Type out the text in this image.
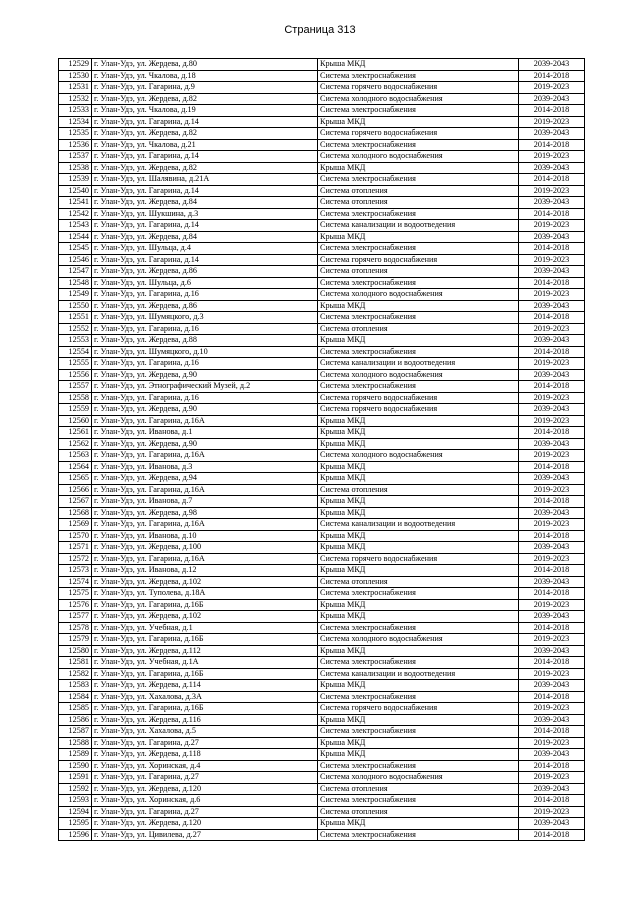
Страница 313
12529	г. Улан-Удэ, ул. Жердева, д.80	Крыша МКД	2039-2043
12530	г. Улан-Удэ, ул. Чкалова, д.18	Система электроснабжения	2014-2018
12531	г. Улан-Удэ, ул. Гагарина, д.9	Система горячего водоснабжения	2019-2023
12532	г. Улан-Удэ, ул. Жердева, д.82	Система холодного водоснабжения	2039-2043
12533	г. Улан-Удэ, ул. Чкалова, д.19	Система электроснабжения	2014-2018
12534	г. Улан-Удэ, ул. Гагарина, д.14	Крыша МКД	2019-2023
12535	г. Улан-Удэ, ул. Жердева, д.82	Система горячего водоснабжения	2039-2043
12536	г. Улан-Удэ, ул. Чкалова, д.21	Система электроснабжения	2014-2018
12537	г. Улан-Удэ, ул. Гагарина, д.14	Система холодного водоснабжения	2019-2023
12538	г. Улан-Удэ, ул. Жердева, д.82	Крыша МКД	2039-2043
12539	г. Улан-Удэ, ул. Шалявина, д.21А	Система электроснабжения	2014-2018
12540	г. Улан-Удэ, ул. Гагарина, д.14	Система отопления	2019-2023
12541	г. Улан-Удэ, ул. Жердева, д.84	Система отопления	2039-2043
12542	г. Улан-Удэ, ул. Шукшина, д.3	Система электроснабжения	2014-2018
12543	г. Улан-Удэ, ул. Гагарина, д.14	Система канализации и водоотведения	2019-2023
12544	г. Улан-Удэ, ул. Жердева, д.84	Крыша МКД	2039-2043
12545	г. Улан-Удэ, ул. Шульца, д.4	Система электроснабжения	2014-2018
12546	г. Улан-Удэ, ул. Гагарина, д.14	Система горячего водоснабжения	2019-2023
12547	г. Улан-Удэ, ул. Жердева, д.86	Система отопления	2039-2043
12548	г. Улан-Удэ, ул. Шульца, д.6	Система электроснабжения	2014-2018
12549	г. Улан-Удэ, ул. Гагарина, д.16	Система холодного водоснабжения	2019-2023
12550	г. Улан-Удэ, ул. Жердева, д.86	Крыша МКД	2039-2043
12551	г. Улан-Удэ, ул. Шумяцкого, д.3	Система электроснабжения	2014-2018
12552	г. Улан-Удэ, ул. Гагарина, д.16	Система отопления	2019-2023
12553	г. Улан-Удэ, ул. Жердева, д.88	Крыша МКД	2039-2043
12554	г. Улан-Удэ, ул. Шумяцкого, д.10	Система электроснабжения	2014-2018
12555	г. Улан-Удэ, ул. Гагарина, д.16	Система канализации и водоотведения	2019-2023
12556	г. Улан-Удэ, ул. Жердева, д.90	Система холодного водоснабжения	2039-2043
12557	г. Улан-Удэ, ул. Этнографический Музей, д.2	Система электроснабжения	2014-2018
12558	г. Улан-Удэ, ул. Гагарина, д.16	Система горячего водоснабжения	2019-2023
12559	г. Улан-Удэ, ул. Жердева, д.90	Система горячего водоснабжения	2039-2043
12560	г. Улан-Удэ, ул. Гагарина, д.16А	Крыша МКД	2019-2023
12561	г. Улан-Удэ, ул. Иванова, д.1	Крыша МКД	2014-2018
12562	г. Улан-Удэ, ул. Жердева, д.90	Крыша МКД	2039-2043
12563	г. Улан-Удэ, ул. Гагарина, д.16А	Система холодного водоснабжения	2019-2023
12564	г. Улан-Удэ, ул. Иванова, д.3	Крыша МКД	2014-2018
12565	г. Улан-Удэ, ул. Жердева, д.94	Крыша МКД	2039-2043
12566	г. Улан-Удэ, ул. Гагарина, д.16А	Система отопления	2019-2023
12567	г. Улан-Удэ, ул. Иванова, д.7	Крыша МКД	2014-2018
12568	г. Улан-Удэ, ул. Жердева, д.98	Крыша МКД	2039-2043
12569	г. Улан-Удэ, ул. Гагарина, д.16А	Система канализации и водоотведения	2019-2023
12570	г. Улан-Удэ, ул. Иванова, д.10	Крыша МКД	2014-2018
12571	г. Улан-Удэ, ул. Жердева, д.100	Крыша МКД	2039-2043
12572	г. Улан-Удэ, ул. Гагарина, д.16А	Система горячего водоснабжения	2019-2023
12573	г. Улан-Удэ, ул. Иванова, д.12	Крыша МКД	2014-2018
12574	г. Улан-Удэ, ул. Жердева, д.102	Система отопления	2039-2043
12575	г. Улан-Удэ, ул. Туполева, д.18А	Система электроснабжения	2014-2018
12576	г. Улан-Удэ, ул. Гагарина, д.16Б	Крыша МКД	2019-2023
12577	г. Улан-Удэ, ул. Жердева, д.102	Крыша МКД	2039-2043
12578	г. Улан-Удэ, ул. Учебная, д.1	Система электроснабжения	2014-2018
12579	г. Улан-Удэ, ул. Гагарина, д.16Б	Система холодного водоснабжения	2019-2023
12580	г. Улан-Удэ, ул. Жердева, д.112	Крыша МКД	2039-2043
12581	г. Улан-Удэ, ул. Учебная, д.1А	Система электроснабжения	2014-2018
12582	г. Улан-Удэ, ул. Гагарина, д.16Б	Система канализации и водоотведения	2019-2023
12583	г. Улан-Удэ, ул. Жердева, д.114	Крыша МКД	2039-2043
12584	г. Улан-Удэ, ул. Хахалова, д.3А	Система электроснабжения	2014-2018
12585	г. Улан-Удэ, ул. Гагарина, д.16Б	Система горячего водоснабжения	2019-2023
12586	г. Улан-Удэ, ул. Жердева, д.116	Крыша МКД	2039-2043
12587	г. Улан-Удэ, ул. Хахалова, д.5	Система электроснабжения	2014-2018
12588	г. Улан-Удэ, ул. Гагарина, д.27	Крыша МКД	2019-2023
12589	г. Улан-Удэ, ул. Жердева, д.118	Крыша МКД	2039-2043
12590	г. Улан-Удэ, ул. Хоринская, д.4	Система электроснабжения	2014-2018
12591	г. Улан-Удэ, ул. Гагарина, д.27	Система холодного водоснабжения	2019-2023
12592	г. Улан-Удэ, ул. Жердева, д.120	Система отопления	2039-2043
12593	г. Улан-Удэ, ул. Хоринская, д.6	Система электроснабжения	2014-2018
12594	г. Улан-Удэ, ул. Гагарина, д.27	Система отопления	2019-2023
12595	г. Улан-Удэ, ул. Жердева, д.120	Крыша МКД	2039-2043
12596	г. Улан-Удэ, ул. Цивилева, д.27	Система электроснабжения	2014-2018
